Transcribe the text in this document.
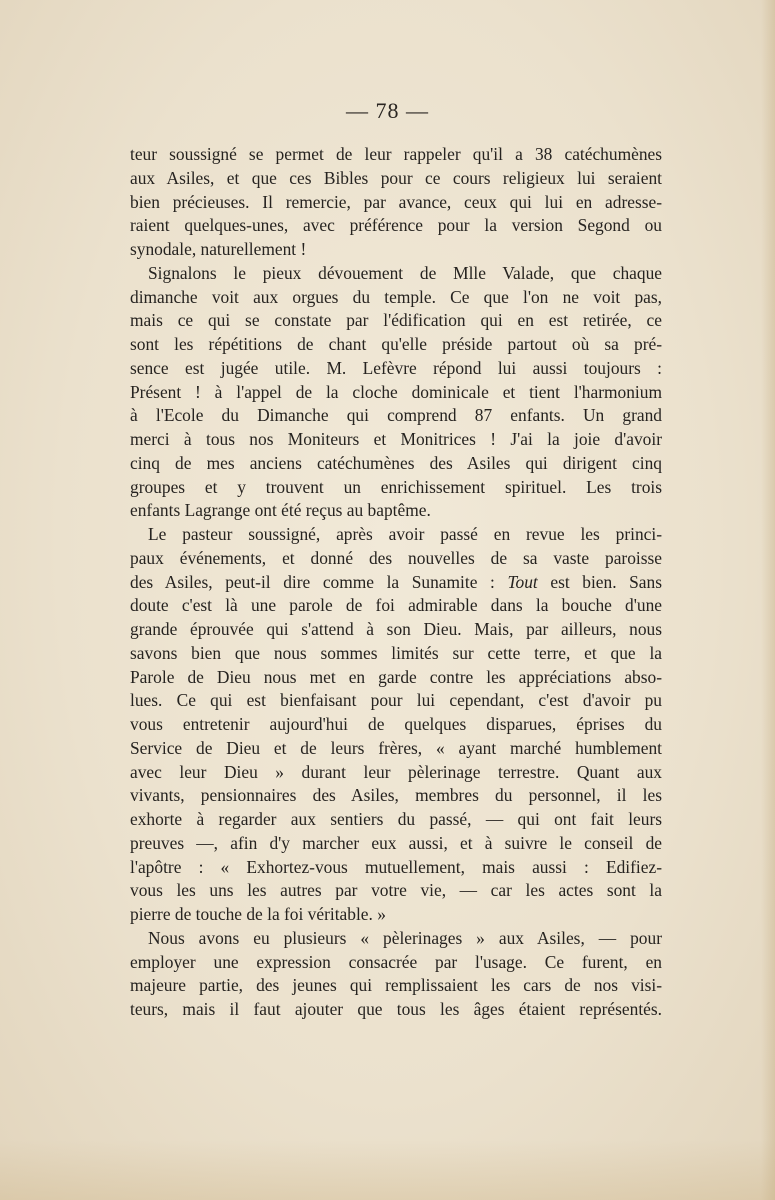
— 78 —
teur soussigné se permet de leur rappeler qu'il a 38 catéchumènes
aux Asiles, et que ces Bibles pour ce cours religieux lui seraient
bien précieuses. Il remercie, par avance, ceux qui lui en adresse-
raient quelques-unes, avec préférence pour la version Segond ou
synodale, naturellement !
Signalons le pieux dévouement de Mlle Valade, que chaque
dimanche voit aux orgues du temple. Ce que l'on ne voit pas,
mais ce qui se constate par l'édification qui en est retirée, ce
sont les répétitions de chant qu'elle préside partout où sa pré-
sence est jugée utile. M. Lefèvre répond lui aussi toujours :
Présent ! à l'appel de la cloche dominicale et tient l'harmonium
à l'Ecole du Dimanche qui comprend 87 enfants. Un grand
merci à tous nos Moniteurs et Monitrices ! J'ai la joie d'avoir
cinq de mes anciens catéchumènes des Asiles qui dirigent cinq
groupes et y trouvent un enrichissement spirituel. Les trois
enfants Lagrange ont été reçus au baptême.
Le pasteur soussigné, après avoir passé en revue les princi-
paux événements, et donné des nouvelles de sa vaste paroisse
des Asiles, peut-il dire comme la Sunamite : Tout est bien. Sans
doute c'est là une parole de foi admirable dans la bouche d'une
grande éprouvée qui s'attend à son Dieu. Mais, par ailleurs, nous
savons bien que nous sommes limités sur cette terre, et que la
Parole de Dieu nous met en garde contre les appréciations abso-
lues. Ce qui est bienfaisant pour lui cependant, c'est d'avoir pu
vous entretenir aujourd'hui de quelques disparues, éprises du
Service de Dieu et de leurs frères, « ayant marché humblement
avec leur Dieu » durant leur pèlerinage terrestre. Quant aux
vivants, pensionnaires des Asiles, membres du personnel, il les
exhorte à regarder aux sentiers du passé, — qui ont fait leurs
preuves —, afin d'y marcher eux aussi, et à suivre le conseil de
l'apôtre : « Exhortez-vous mutuellement, mais aussi : Edifiez-
vous les uns les autres par votre vie, — car les actes sont la
pierre de touche de la foi véritable. »
Nous avons eu plusieurs « pèlerinages » aux Asiles, — pour
employer une expression consacrée par l'usage. Ce furent, en
majeure partie, des jeunes qui remplissaient les cars de nos visi-
teurs, mais il faut ajouter que tous les âges étaient représentés.
